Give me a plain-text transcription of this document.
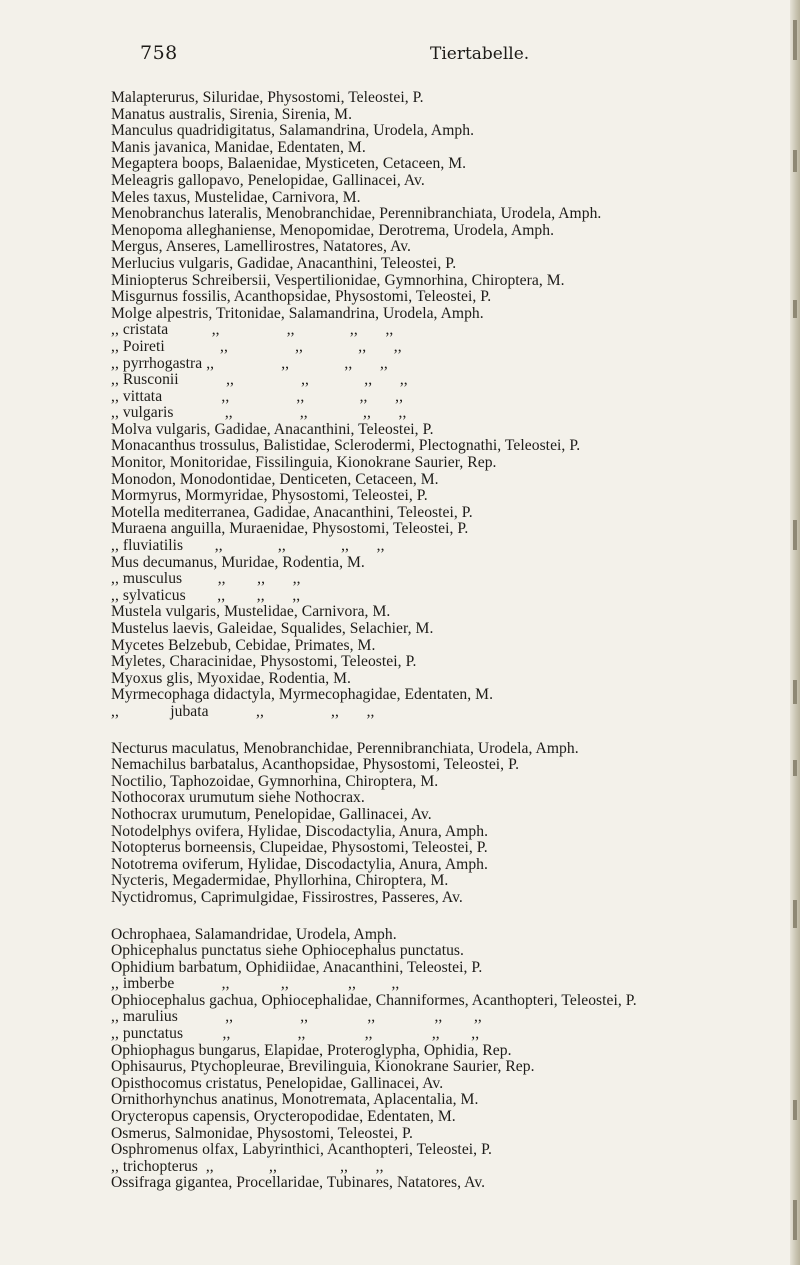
758	Tiertabelle.
Malapterurus, Siluridae, Physostomi, Teleostei, P.
Manatus australis, Sirenia, Sirenia, M.
Manculus quadridigitatus, Salamandrina, Urodela, Amph.
Manis javanica, Manidae, Edentaten, M.
Megaptera boops, Balaenidae, Mysticeten, Cetaceen, M.
Meleagris gallopavo, Penelopidae, Gallinacei, Av.
Meles taxus, Mustelidae, Carnivora, M.
Menobranchus lateralis, Menobranchidae, Perennibranchiata, Urodela, Amph.
Menopoma alleghaniense, Menopomidae, Derotrema, Urodela, Amph.
Mergus, Anseres, Lamellirostres, Natatores, Av.
Merlucius vulgaris, Gadidae, Anacanthini, Teleostei, P.
Miniopterus Schreibersii, Vespertilionidae, Gymnorhina, Chiroptera, M.
Misgurnus fossilis, Acanthopsidae, Physostomi, Teleostei, P.
Molge alpestris, Tritonidae, Salamandrina, Urodela, Amph.
,, cristata           ,,                 ,,              ,,       ,,
,, Poireti              ,,                 ,,              ,,       ,,
,, pyrrhogastra ,,                 ,,              ,,       ,,
,, Rusconii            ,,                 ,,              ,,       ,,
,, vittata               ,,                 ,,              ,,       ,,
,, vulgaris             ,,                 ,,              ,,       ,,
Molva vulgaris, Gadidae, Anacanthini, Teleostei, P.
Monacanthus trossulus, Balistidae, Sclerodermi, Plectognathi, Teleostei, P.
Monitor, Monitoridae, Fissilinguia, Kionokrane Saurier, Rep.
Monodon, Monodontidae, Denticeten, Cetaceen, M.
Mormyrus, Mormyridae, Physostomi, Teleostei, P.
Motella mediterranea, Gadidae, Anacanthini, Teleostei, P.
Muraena anguilla, Muraenidae, Physostomi, Teleostei, P.
,, fluviatilis        ,,              ,,              ,,       ,,
Mus decumanus, Muridae, Rodentia, M.
,, musculus         ,,        ,,       ,,
,, sylvaticus        ,,        ,,       ,,
Mustela vulgaris, Mustelidae, Carnivora, M.
Mustelus laevis, Galeidae, Squalides, Selachier, M.
Mycetes Belzebub, Cebidae, Primates, M.
Myletes, Characinidae, Physostomi, Teleostei, P.
Myoxus glis, Myoxidae, Rodentia, M.
Myrmecophaga didactyla, Myrmecophagidae, Edentaten, M.
,,             jubata            ,,                 ,,       ,,
Necturus maculatus, Menobranchidae, Perennibranchiata, Urodela, Amph.
Nemachilus barbatalus, Acanthopsidae, Physostomi, Teleostei, P.
Noctilio, Taphozoidae, Gymnorhina, Chiroptera, M.
Nothocorax urumutum siehe Nothocrax.
Nothocrax urumutum, Penelopidae, Gallinacei, Av.
Notodelphys ovifera, Hylidae, Discodactylia, Anura, Amph.
Notopterus borneensis, Clupeidae, Physostomi, Teleostei, P.
Nototrema oviferum, Hylidae, Discodactylia, Anura, Amph.
Nycteris, Megadermidae, Phyllorhina, Chiroptera, M.
Nyctidromus, Caprimulgidae, Fissirostres, Passeres, Av.
Ochrophaea, Salamandridae, Urodela, Amph.
Ophicephalus punctatus siehe Ophiocephalus punctatus.
Ophidium barbatum, Ophidiidae, Anacanthini, Teleostei, P.
,, imberbe            ,,             ,,               ,,         ,,
Ophiocephalus gachua, Ophiocephalidae, Channiformes, Acanthopteri, Teleostei, P.
,, marulius            ,,                 ,,               ,,               ,,        ,,
,, punctatus          ,,                 ,,               ,,               ,,        ,,
Ophiophagus bungarus, Elapidae, Proteroglypha, Ophidia, Rep.
Ophisaurus, Ptychopleurae, Brevilinguia, Kionokrane Saurier, Rep.
Opisthocomus cristatus, Penelopidae, Gallinacei, Av.
Ornithorhynchus anatinus, Monotremata, Aplacentalia, M.
Orycteropus capensis, Orycteropodidae, Edentaten, M.
Osmerus, Salmonidae, Physostomi, Teleostei, P.
Osphromenus olfax, Labyrinthici, Acanthopteri, Teleostei, P.
,, trichopterus  ,,              ,,                ,,       ,,
Ossifraga gigantea, Procellaridae, Tubinares, Natatores, Av.
